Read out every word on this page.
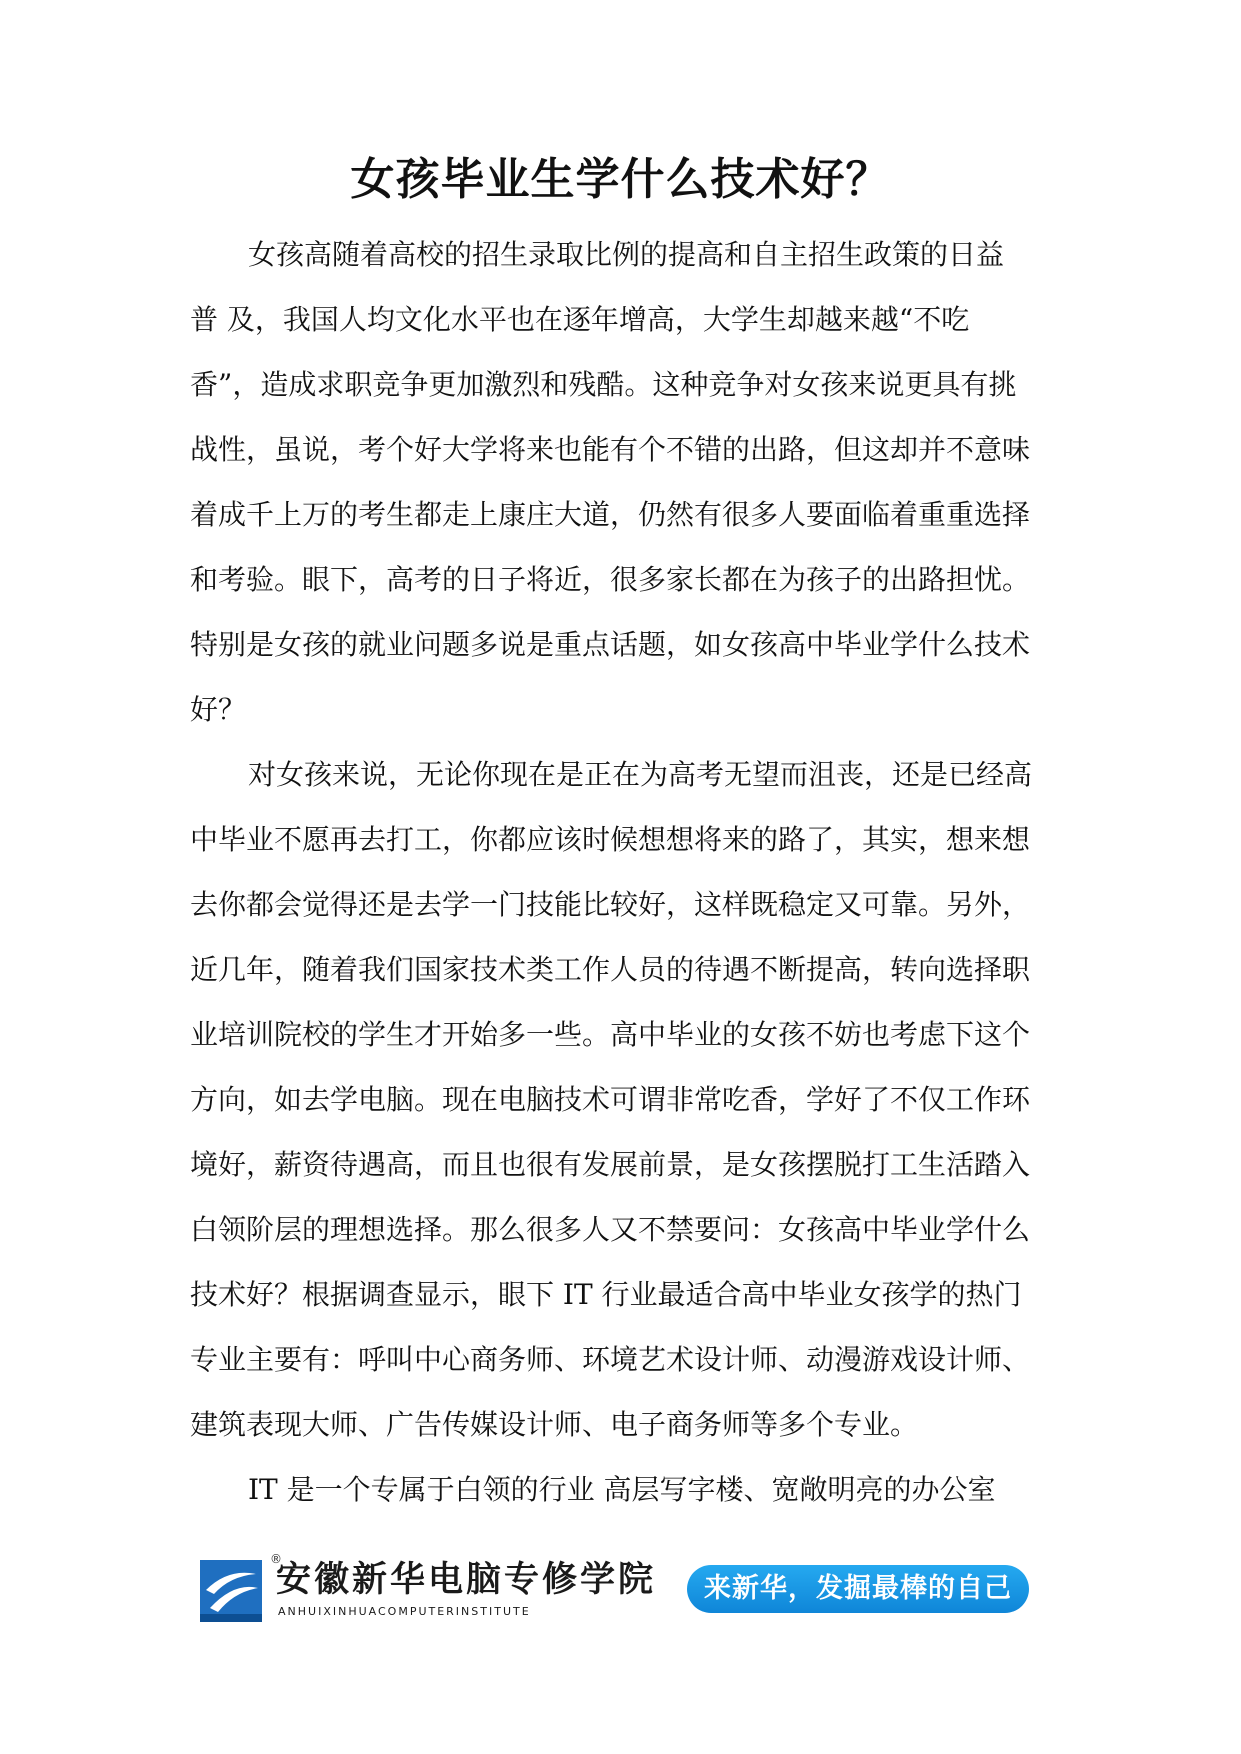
女孩毕业生学什么技术好？
女孩高随着高校的招生录取比例的提高和自主招生政策的日益
普 及，我国人均文化水平也在逐年增高，大学生却越来越“不吃
香”，造成求职竞争更加激烈和残酷。这种竞争对女孩来说更具有挑
战性，虽说，考个好大学将来也能有个不错的出路，但这却并不意味
着成千上万的考生都走上康庄大道，仍然有很多人要面临着重重选择
和考验。眼下，高考的日子将近，很多家长都在为孩子的出路担忧。
特别是女孩的就业问题多说是重点话题，如女孩高中毕业学什么技术
好？
对女孩来说，无论你现在是正在为高考无望而沮丧，还是已经高
中毕业不愿再去打工，你都应该时候想想将来的路了，其实，想来想
去你都会觉得还是去学一门技能比较好，这样既稳定又可靠。另外，
近几年，随着我们国家技术类工作人员的待遇不断提高，转向选择职
业培训院校的学生才开始多一些。高中毕业的女孩不妨也考虑下这个
方向，如去学电脑。现在电脑技术可谓非常吃香，学好了不仅工作环
境好，薪资待遇高，而且也很有发展前景，是女孩摆脱打工生活踏入
白领阶层的理想选择。那么很多人又不禁要问：女孩高中毕业学什么
技术好？根据调查显示，眼下 IT 行业最适合高中毕业女孩学的热门
专业主要有：呼叫中心商务师、环境艺术设计师、动漫游戏设计师、
建筑表现大师、广告传媒设计师、电子商务师等多个专业。
IT 是一个专属于白领的行业 高层写字楼、宽敞明亮的办公室
®
安徽新华电脑专修学院
ANHUIXINHUACOMPUTERINSTITUTE
来新华，发掘最棒的自己
